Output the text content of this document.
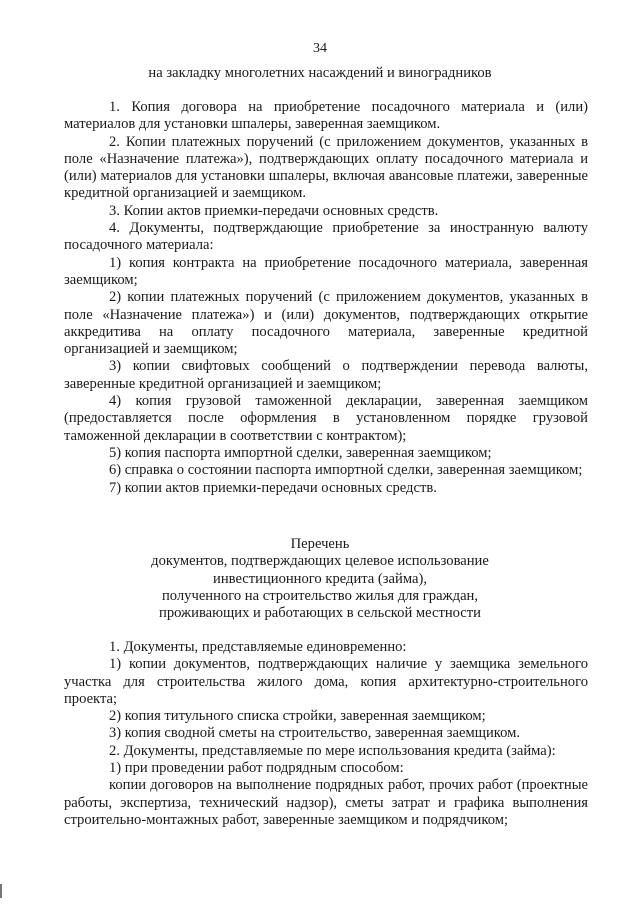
34
на закладку многолетних насаждений и виноградников

1. Копия договора на приобретение посадочного материала и (или) материалов для установки шпалеры, заверенная заемщиком.

2. Копии платежных поручений (с приложением документов, указанных в поле «Назначение платежа»), подтверждающих оплату посадочного материала и (или) материалов для установки шпалеры, включая авансовые платежи, заверенные кредитной организацией и заемщиком.

3. Копии актов приемки-передачи основных средств.

4. Документы, подтверждающие приобретение за иностранную валюту посадочного материала:

1) копия контракта на приобретение посадочного материала, заверенная заемщиком;

2) копии платежных поручений (с приложением документов, указанных в поле «Назначение платежа») и (или) документов, подтверждающих открытие аккредитива на оплату посадочного материала, заверенные кредитной организацией и заемщиком;

3) копии свифтовых сообщений о подтверждении перевода валюты, заверенные кредитной организацией и заемщиком;

4) копия грузовой таможенной декларации, заверенная заемщиком (предоставляется после оформления в установленном порядке грузовой таможенной декларации в соответствии с контрактом);

5) копия паспорта импортной сделки, заверенная заемщиком;

6) справка о состоянии паспорта импортной сделки, заверенная заемщиком;

7) копии актов приемки-передачи основных средств.

Перечень
документов, подтверждающих целевое использование
инвестиционного кредита (займа),
полученного на строительство жилья для граждан,
проживающих и работающих в сельской местности

1. Документы, представляемые единовременно:

1) копии документов, подтверждающих наличие у заемщика земельного участка для строительства жилого дома, копия архитектурно-строительного проекта;

2) копия титульного списка стройки, заверенная заемщиком;

3) копия сводной сметы на строительство, заверенная заемщиком.

2. Документы, представляемые по мере использования кредита (займа):

1) при проведении работ подрядным способом:

копии договоров на выполнение подрядных работ, прочих работ (проектные работы, экспертиза, технический надзор), сметы затрат и графика выполнения строительно-монтажных работ, заверенные заемщиком и подрядчиком;
